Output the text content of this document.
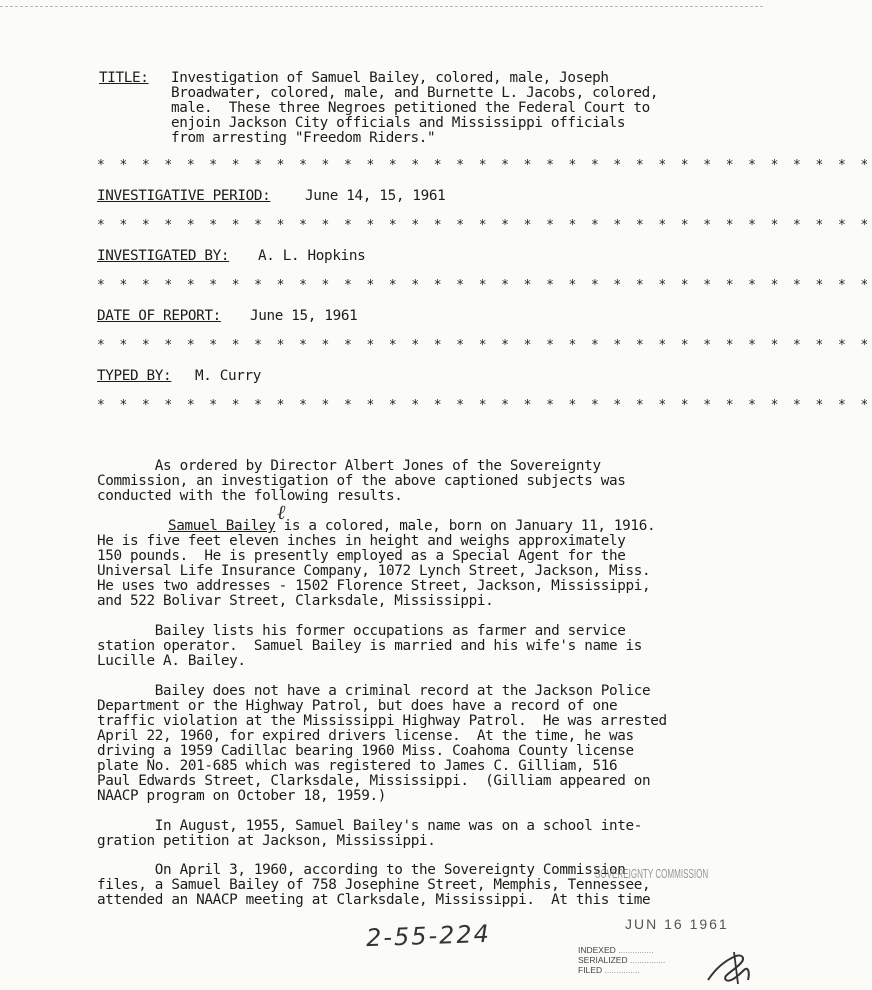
TITLE: Investigation of Samuel Bailey, colored, male, Joseph
Broadwater, colored, male, and Burnette L. Jacobs, colored,
male.  These three Negroes petitioned the Federal Court to
enjoin Jackson City officials and Mississippi officials
from arresting "Freedom Riders."
* * * * * * * * * * * * * * * * * * * * * * * * * * * * * * * * * * *
INVESTIGATIVE PERIOD: June 14, 15, 1961
* * * * * * * * * * * * * * * * * * * * * * * * * * * * * * * * * * *
INVESTIGATED BY: A. L. Hopkins
* * * * * * * * * * * * * * * * * * * * * * * * * * * * * * * * * * *
DATE OF REPORT: June 15, 1961
* * * * * * * * * * * * * * * * * * * * * * * * * * * * * * * * * * *
TYPED BY: M. Curry
* * * * * * * * * * * * * * * * * * * * * * * * * * * * * * * * * * *
As ordered by Director Albert Jones of the Sovereignty
Commission, an investigation of the above captioned subjects was
conducted with the following results.
Samuel Bailey is a colored, male, born on January 11, 1916.
ℓ
He is five feet eleven inches in height and weighs approximately
150 pounds.  He is presently employed as a Special Agent for the
Universal Life Insurance Company, 1072 Lynch Street, Jackson, Miss.
He uses two addresses - 1502 Florence Street, Jackson, Mississippi,
and 522 Bolivar Street, Clarksdale, Mississippi.
Bailey lists his former occupations as farmer and service
station operator.  Samuel Bailey is married and his wife's name is
Lucille A. Bailey.
Bailey does not have a criminal record at the Jackson Police
Department or the Highway Patrol, but does have a record of one
traffic violation at the Mississippi Highway Patrol.  He was arrested
April 22, 1960, for expired drivers license.  At the time, he was
driving a 1959 Cadillac bearing 1960 Miss. Coahoma County license
plate No. 201-685 which was registered to James C. Gilliam, 516
Paul Edwards Street, Clarksdale, Mississippi.  (Gilliam appeared on
NAACP program on October 18, 1959.)
In August, 1955, Samuel Bailey's name was on a school inte-
gration petition at Jackson, Mississippi.
On April 3, 1960, according to the Sovereignty Commission
files, a Samuel Bailey of 758 Josephine Street, Memphis, Tennessee,
attended an NAACP meeting at Clarksdale, Mississippi.  At this time
SOVEREIGNTY COMMISSION
JUN 16 1961
2-55-224	INDEXED .....
SERIALIZED .....
FILED .....
